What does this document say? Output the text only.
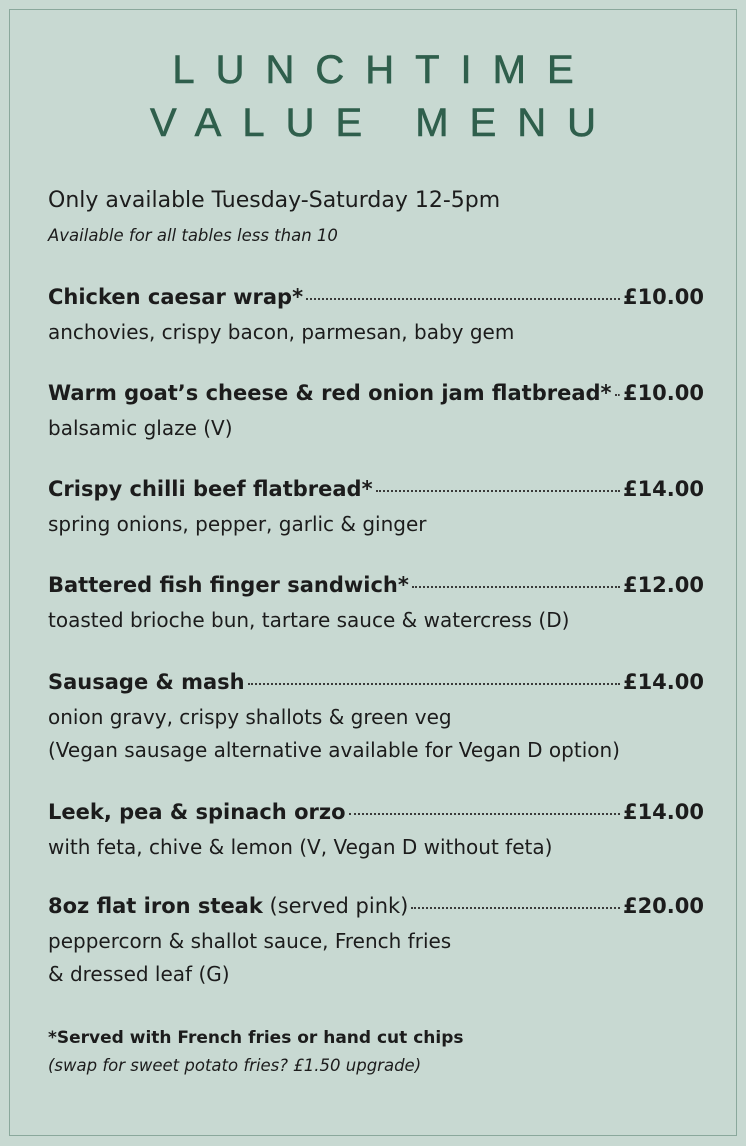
LUNCHTIME
VALUE MENU
Only available Tuesday-Saturday 12-5pm
Available for all tables less than 10
Chicken caesar wrap*	£10.00
anchovies, crispy bacon, parmesan, baby gem
Warm goat’s cheese & red onion jam flatbread* £10.00
balsamic glaze (V)
Crispy chilli beef flatbread*	£14.00
spring onions, pepper, garlic & ginger
Battered fish finger sandwich*	£12.00
toasted brioche bun, tartare sauce & watercress (D)
Sausage & mash	£14.00
onion gravy, crispy shallots & green veg
(Vegan sausage alternative available for Vegan D option)
Leek, pea & spinach orzo	£14.00
with feta, chive & lemon (V, Vegan D without feta)
8oz flat iron steak (served pink)	£20.00
peppercorn & shallot sauce, French fries
& dressed leaf (G)
*Served with French fries or hand cut chips
(swap for sweet potato fries? £1.50 upgrade)
